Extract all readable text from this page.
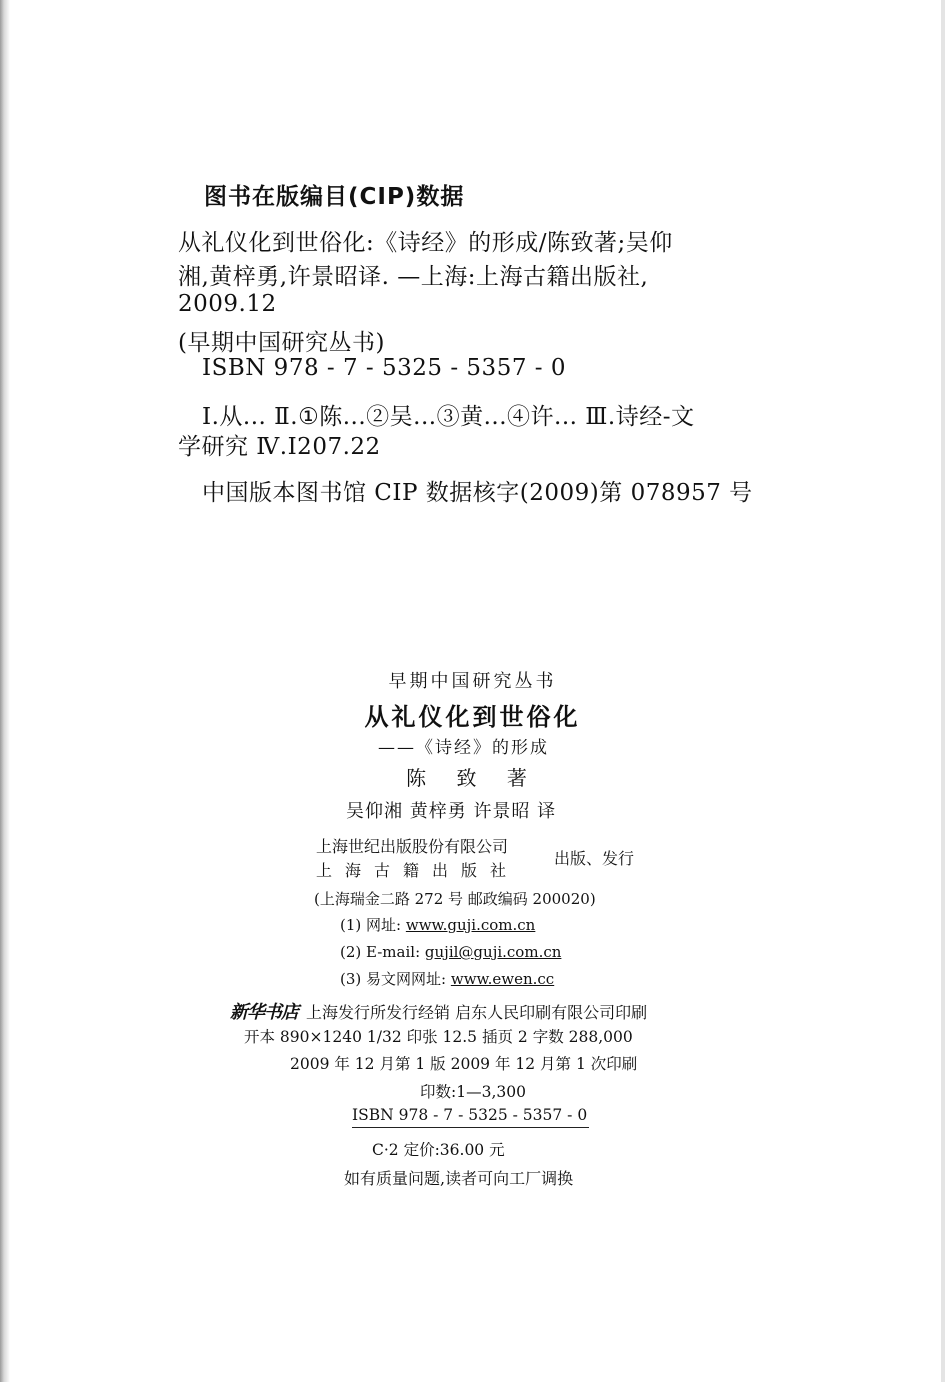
图书在版编目(CIP)数据
从礼仪化到世俗化:《诗经》的形成/陈致著;吴仰
湘,黄梓勇,许景昭译. —上海:上海古籍出版社,
2009.12
(早期中国研究丛书)
ISBN 978 - 7 - 5325 - 5357 - 0
Ⅰ.从... Ⅱ.①陈...②吴...③黄...④许... Ⅲ.诗经-文
学研究 Ⅳ.I207.22
中国版本图书馆 CIP 数据核字(2009)第 078957 号
早期中国研究丛书
从礼仪化到世俗化
——《诗经》的形成
陈 致 著
吴仰湘 黄梓勇 许景昭 译
上海世纪出版股份有限公司
上海古籍出版社
出版、发行
(上海瑞金二路 272 号 邮政编码 200020)
(1) 网址: www.guji.com.cn
(2) E-mail: gujil@guji.com.cn
(3) 易文网网址: www.ewen.cc
新华书店 上海发行所发行经销 启东人民印刷有限公司印刷
开本 890×1240 1/32 印张 12.5 插页 2 字数 288,000
2009 年 12 月第 1 版 2009 年 12 月第 1 次印刷
印数:1—3,300
ISBN 978 - 7 - 5325 - 5357 - 0
C·2 定价:36.00 元
如有质量问题,读者可向工厂调换
